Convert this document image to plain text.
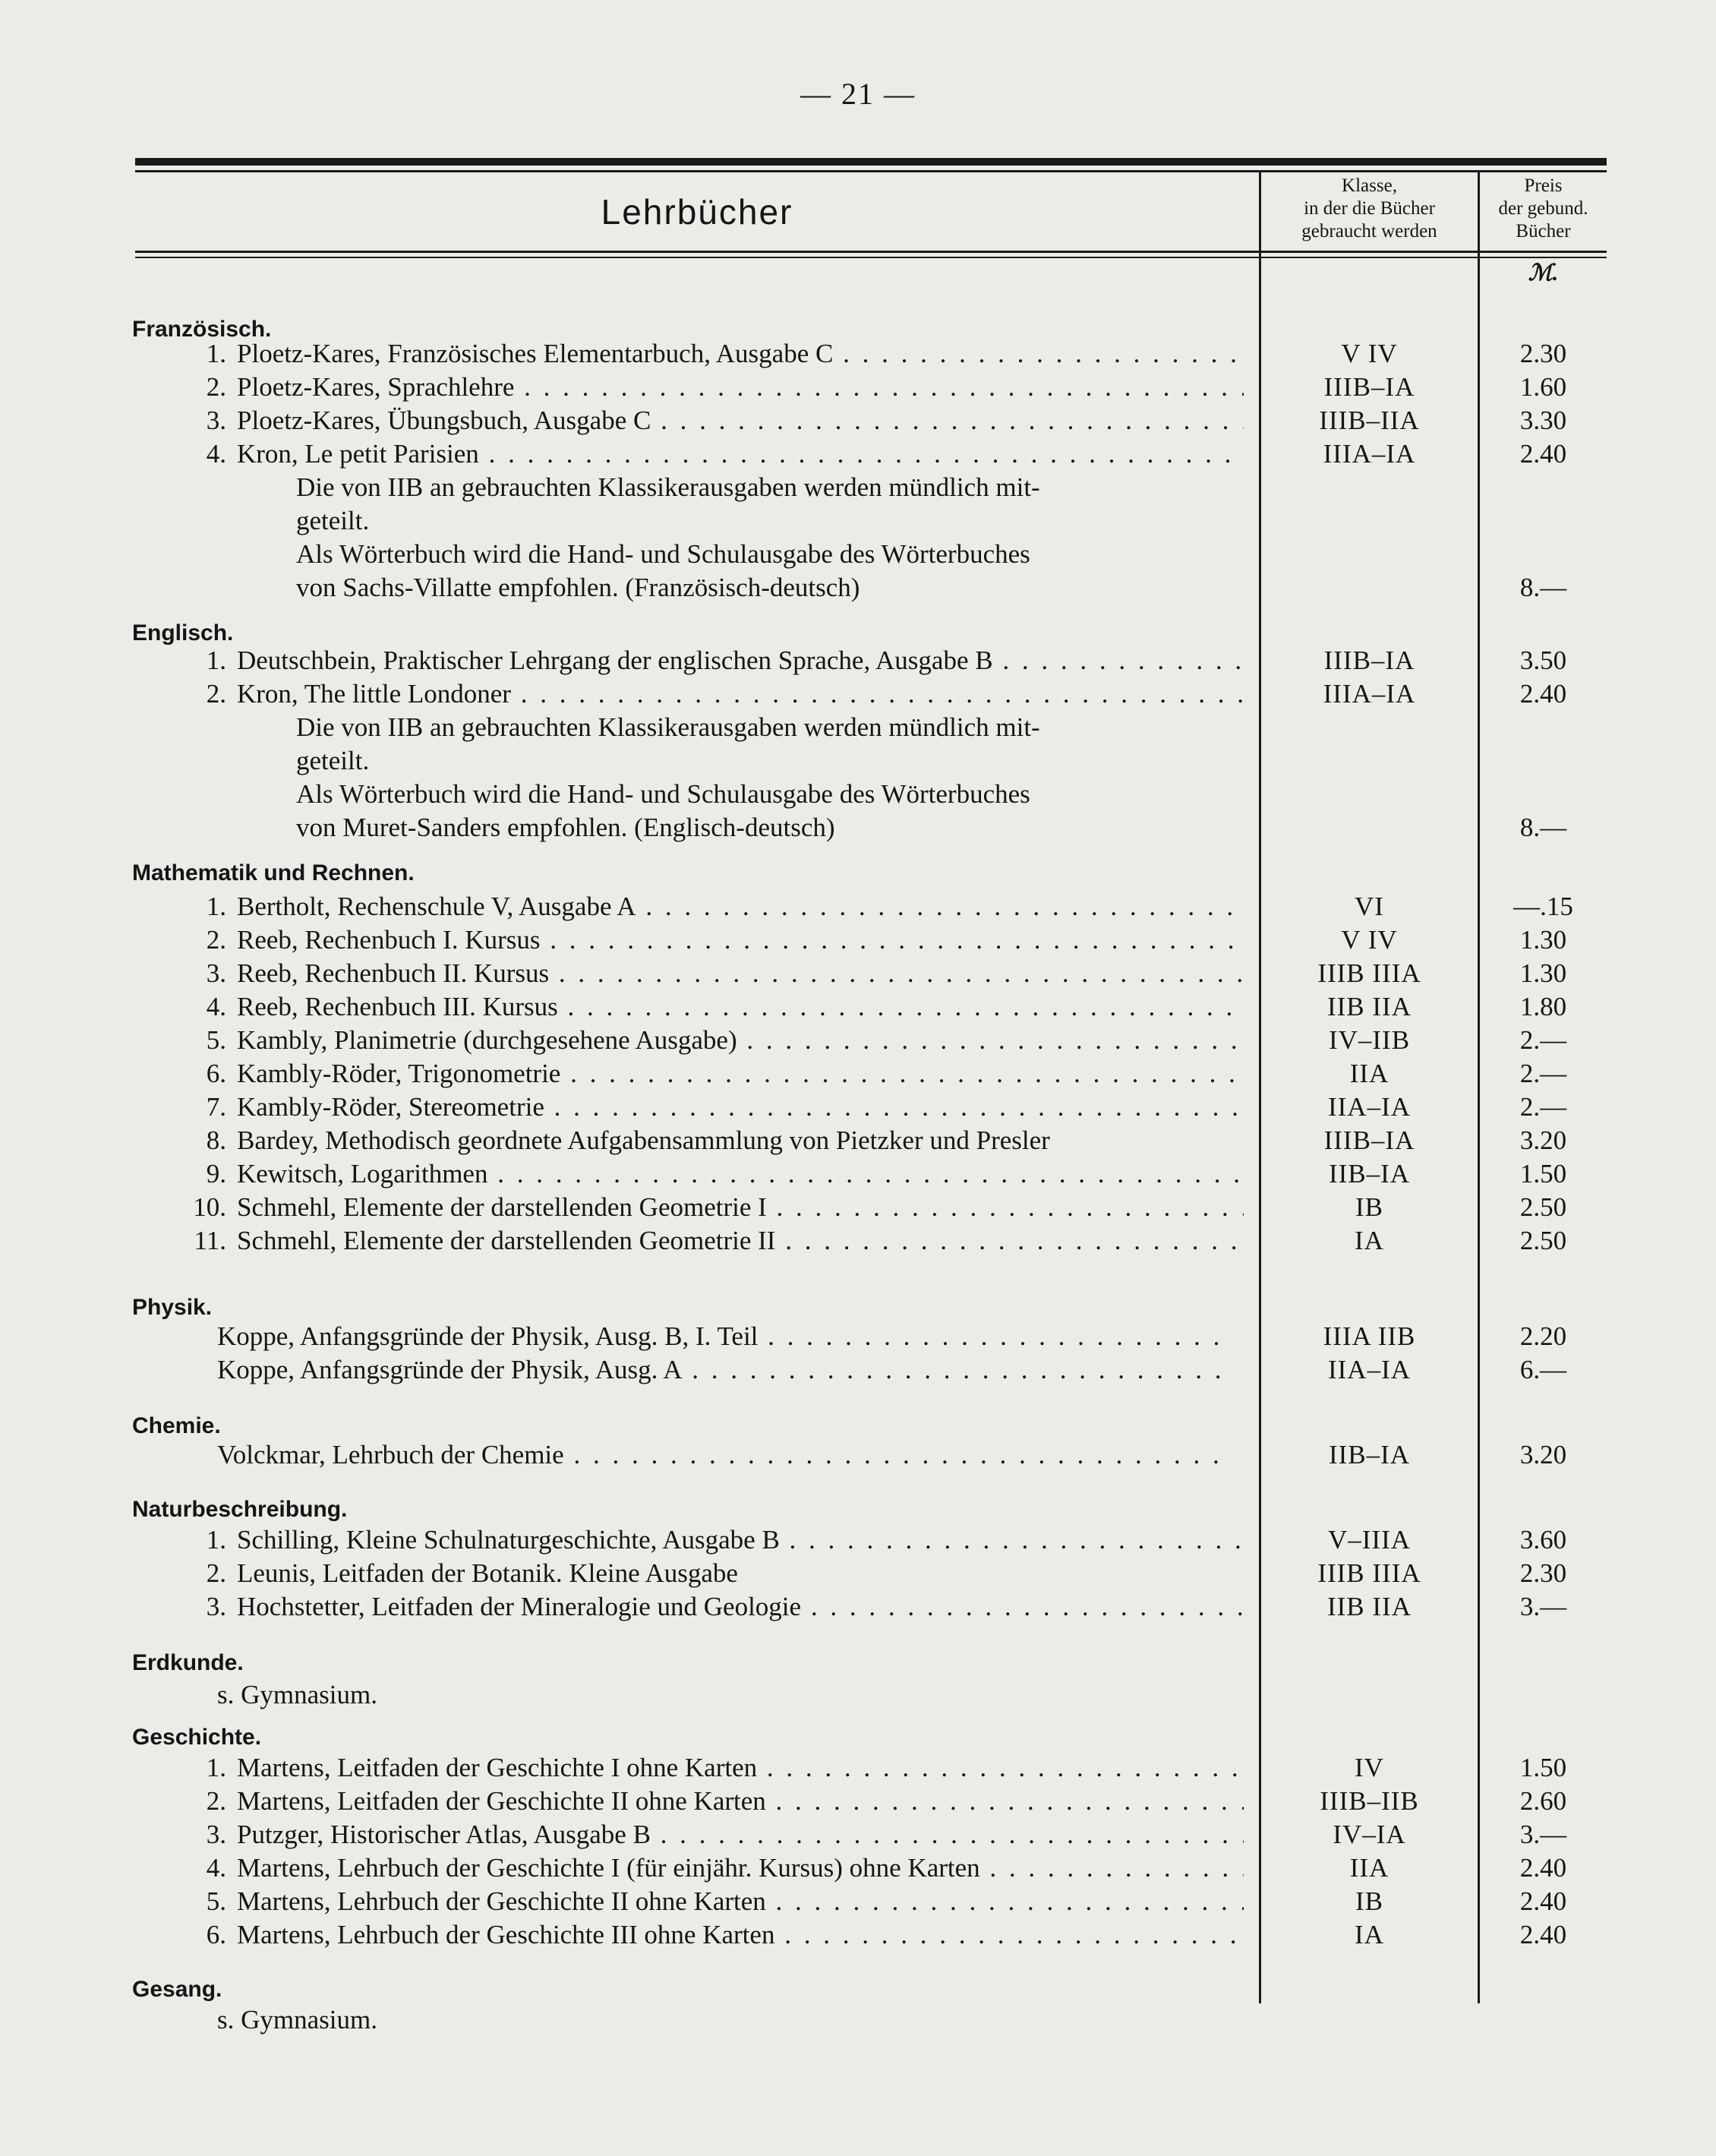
— 21 —
Lehrbücher
Klasse,
in der die Bücher
gebraucht werden
Preis
der gebund.
Bücher
ℳ.
Französisch.
1. Ploetz-Kares, Französisches Elementarbuch, Ausgabe C . . .	V IV	2.30
2. Ploetz-Kares, Sprachlehre . . .	IIIB–IA	1.60
3. Ploetz-Kares, Übungsbuch, Ausgabe C . . .	IIIB–IIA	3.30
4. Kron, Le petit Parisien . . .	IIIA–IA	2.40
Die von IIB an gebrauchten Klassikerausgaben werden mündlich mit-
geteilt.
Als Wörterbuch wird die Hand- und Schulausgabe des Wörterbuches
von Sachs-Villatte empfohlen. (Französisch-deutsch)	8.—
Englisch.
1. Deutschbein, Praktischer Lehrgang der englischen Sprache, Ausgabe B . . .	IIIB–IA	3.50
2. Kron, The little Londoner . . .	IIIA–IA	2.40
Die von IIB an gebrauchten Klassikerausgaben werden mündlich mit-
geteilt.
Als Wörterbuch wird die Hand- und Schulausgabe des Wörterbuches
von Muret-Sanders empfohlen. (Englisch-deutsch)	8.—
Mathematik und Rechnen.
1. Bertholt, Rechenschule V, Ausgabe A . . .	VI	—.15
2. Reeb, Rechenbuch I. Kursus . . .	V IV	1.30
3. Reeb, Rechenbuch II. Kursus . . .	IIIB IIIA	1.30
4. Reeb, Rechenbuch III. Kursus . . .	IIB IIA	1.80
5. Kambly, Planimetrie (durchgesehene Ausgabe) . . .	IV–IIB	2.—
6. Kambly-Röder, Trigonometrie . . .	IIA	2.—
7. Kambly-Röder, Stereometrie . . .	IIA–IA	2.—
8. Bardey, Methodisch geordnete Aufgabensammlung von Pietzker und Presler	IIIB–IA	3.20
9. Kewitsch, Logarithmen . . .	IIB–IA	1.50
10. Schmehl, Elemente der darstellenden Geometrie I . . .	IB	2.50
11. Schmehl, Elemente der darstellenden Geometrie II . . .	IA	2.50
Physik.
Koppe, Anfangsgründe der Physik, Ausg. B, I. Teil . . .	IIIA IIB	2.20
Koppe, Anfangsgründe der Physik, Ausg. A . . .	IIA–IA	6.—
Chemie.
Volckmar, Lehrbuch der Chemie . . .	IIB–IA	3.20
Naturbeschreibung.
1. Schilling, Kleine Schulnaturgeschichte, Ausgabe B . . .	V–IIIA	3.60
2. Leunis, Leitfaden der Botanik. Kleine Ausgabe	IIIB IIIA	2.30
3. Hochstetter, Leitfaden der Mineralogie und Geologie . . .	IIB IIA	3.—
Erdkunde.
s. Gymnasium.
Geschichte.
1. Martens, Leitfaden der Geschichte I ohne Karten . . .	IV	1.50
2. Martens, Leitfaden der Geschichte II ohne Karten . . .	IIIB–IIB	2.60
3. Putzger, Historischer Atlas, Ausgabe B . . .	IV–IA	3.—
4. Martens, Lehrbuch der Geschichte I (für einjähr. Kursus) ohne Karten . . .	IIA	2.40
5. Martens, Lehrbuch der Geschichte II ohne Karten . . .	IB	2.40
6. Martens, Lehrbuch der Geschichte III ohne Karten . . .	IA	2.40
Gesang.
s. Gymnasium.
